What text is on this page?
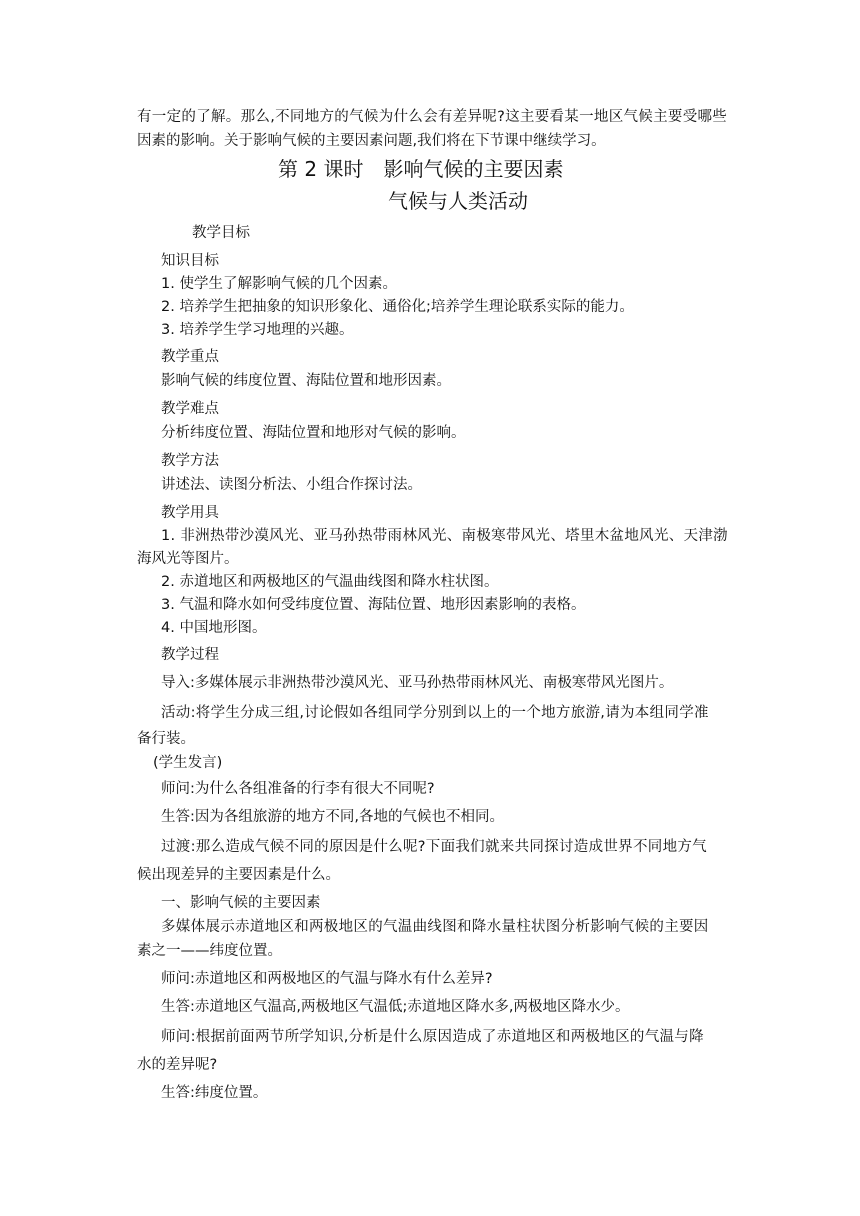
有一定的了解。那么,不同地方的气候为什么会有差异呢?这主要看某一地区气候主要受哪些
因素的影响。关于影响气候的主要因素问题,我们将在下节课中继续学习。
第 2 课时　影响气候的主要因素
气候与人类活动
教学目标
知识目标
1. 使学生了解影响气候的几个因素。
2. 培养学生把抽象的知识形象化、通俗化;培养学生理论联系实际的能力。
3. 培养学生学习地理的兴趣。
教学重点
影响气候的纬度位置、海陆位置和地形因素。
教学难点
分析纬度位置、海陆位置和地形对气候的影响。
教学方法
讲述法、读图分析法、小组合作探讨法。
教学用具
1. 非洲热带沙漠风光、亚马孙热带雨林风光、南极寒带风光、塔里木盆地风光、天津渤
海风光等图片。
2. 赤道地区和两极地区的气温曲线图和降水柱状图。
3. 气温和降水如何受纬度位置、海陆位置、地形因素影响的表格。
4. 中国地形图。
教学过程
导入:多媒体展示非洲热带沙漠风光、亚马孙热带雨林风光、南极寒带风光图片。
活动:将学生分成三组,讨论假如各组同学分别到以上的一个地方旅游,请为本组同学准
备行装。
(学生发言)
师问:为什么各组准备的行李有很大不同呢?
生答:因为各组旅游的地方不同,各地的气候也不相同。
过渡:那么造成气候不同的原因是什么呢?下面我们就来共同探讨造成世界不同地方气
候出现差异的主要因素是什么。
一、影响气候的主要因素
多媒体展示赤道地区和两极地区的气温曲线图和降水量柱状图分析影响气候的主要因
素之一——纬度位置。
师问:赤道地区和两极地区的气温与降水有什么差异?
生答:赤道地区气温高,两极地区气温低;赤道地区降水多,两极地区降水少。
师问:根据前面两节所学知识,分析是什么原因造成了赤道地区和两极地区的气温与降
水的差异呢?
生答:纬度位置。
